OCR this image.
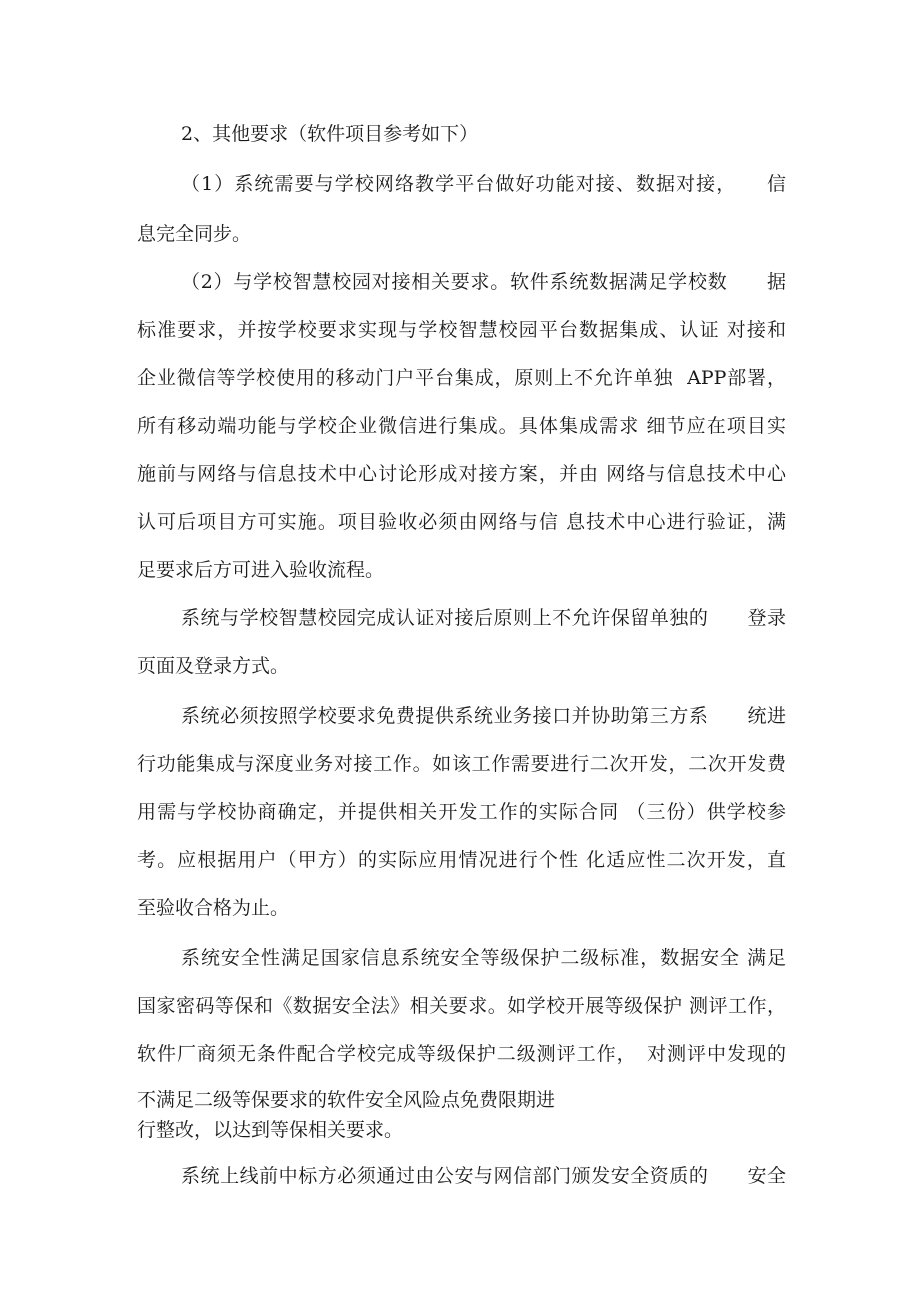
2、其他要求（软件项目参考如下）

（1）系统需要与学校网络教学平台做好功能对接、数据对接，　　信

息完全同步。

（2）与学校智慧校园对接相关要求。软件系统数据满足学校数　　据

标准要求，并按学校要求实现与学校智慧校园平台数据集成、认证 对接和

企业微信等学校使用的移动门户平台集成，原则上不允许单独  APP部署，

所有移动端功能与学校企业微信进行集成。具体集成需求 细节应在项目实

施前与网络与信息技术中心讨论形成对接方案，并由 网络与信息技术中心

认可后项目方可实施。项目验收必须由网络与信 息技术中心进行验证，满

足要求后方可进入验收流程。

系统与学校智慧校园完成认证对接后原则上不允许保留单独的　　登录

页面及登录方式。

系统必须按照学校要求免费提供系统业务接口并协助第三方系　　统进

行功能集成与深度业务对接工作。如该工作需要进行二次开发，二次开发费

用需与学校协商确定，并提供相关开发工作的实际合同 （三份）供学校参

考。应根据用户（甲方）的实际应用情况进行个性 化适应性二次开发，直

至验收合格为止。

系统安全性满足国家信息系统安全等级保护二级标准，数据安全 满足

国家密码等保和《数据安全法》相关要求。如学校开展等级保护 测评工作，

软件厂商须无条件配合学校完成等级保护二级测评工作，　对测评中发现的

不满足二级等保要求的软件安全风险点免费限期进

行整改，以达到等保相关要求。

系统上线前中标方必须通过由公安与网信部门颁发安全资质的　　安全
